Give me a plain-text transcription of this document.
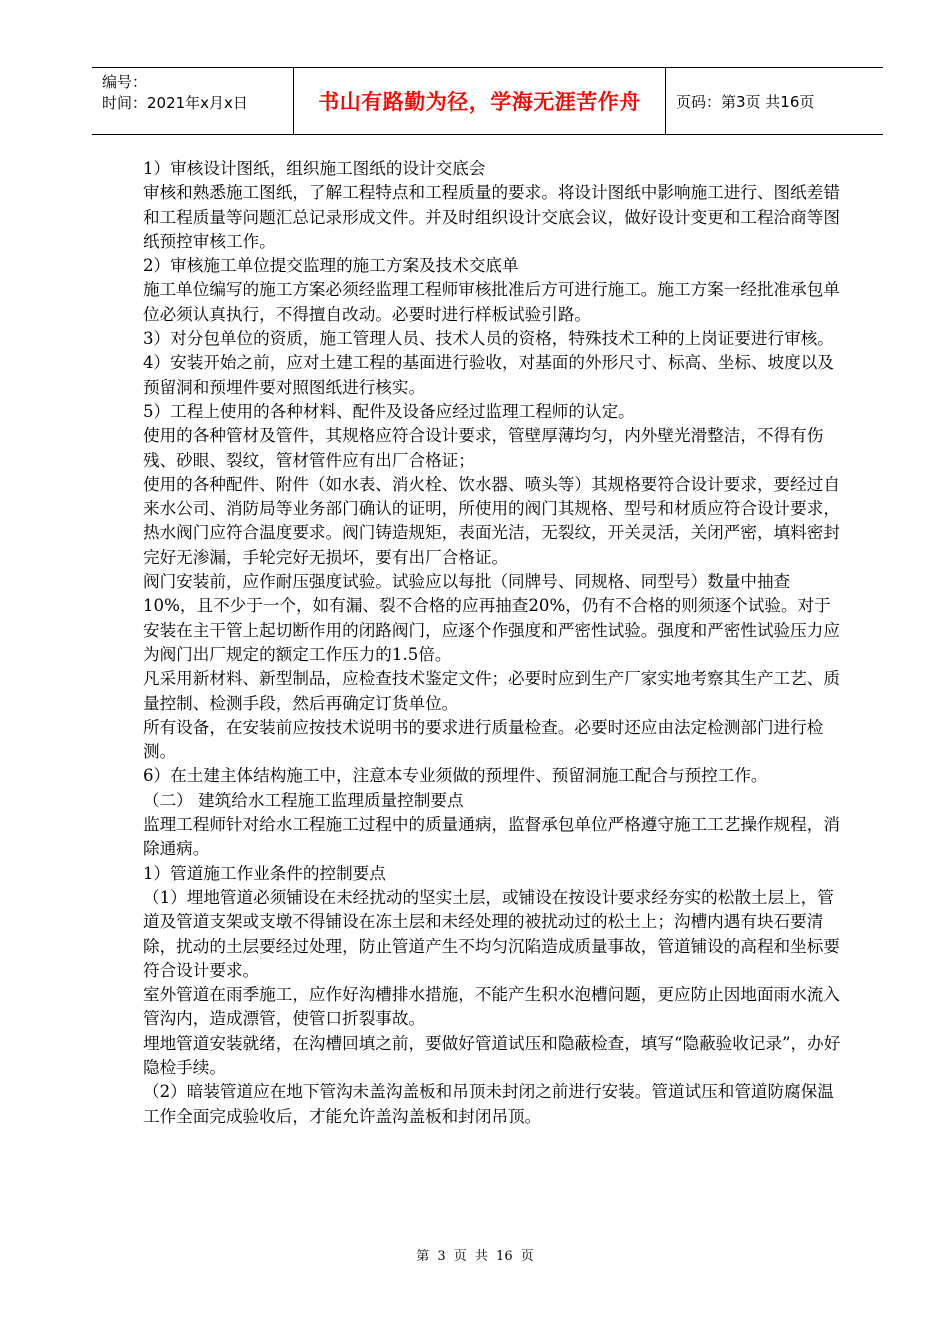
编号：
时间：2021年x月x日	书山有路勤为径，学海无涯苦作舟	页码：第3页 共16页

1）审核设计图纸，组织施工图纸的设计交底会

审核和熟悉施工图纸，了解工程特点和工程质量的要求。将设计图纸中影响施工进行、图纸差错和工程质量等问题汇总记录形成文件。并及时组织设计交底会议，做好设计变更和工程洽商等图纸预控审核工作。

2）审核施工单位提交监理的施工方案及技术交底单

施工单位编写的施工方案必须经监理工程师审核批准后方可进行施工。施工方案一经批准承包单位必须认真执行，不得擅自改动。必要时进行样板试验引路。

3）对分包单位的资质，施工管理人员、技术人员的资格，特殊技术工种的上岗证要进行审核。

4）安装开始之前，应对土建工程的基面进行验收，对基面的外形尺寸、标高、坐标、坡度以及预留洞和预埋件要对照图纸进行核实。

5）工程上使用的各种材料、配件及设备应经过监理工程师的认定。

使用的各种管材及管件，其规格应符合设计要求，管壁厚薄均匀，内外壁光滑整洁，不得有伤残、砂眼、裂纹，管材管件应有出厂合格证；

使用的各种配件、附件（如水表、消火栓、饮水器、喷头等）其规格要符合设计要求，要经过自来水公司、消防局等业务部门确认的证明，所使用的阀门其规格、型号和材质应符合设计要求，热水阀门应符合温度要求。阀门铸造规矩，表面光洁，无裂纹，开关灵活，关闭严密，填料密封完好无渗漏，手轮完好无损坏，要有出厂合格证。

阀门安装前，应作耐压强度试验。试验应以每批（同牌号、同规格、同型号）数量中抽查10%，且不少于一个，如有漏、裂不合格的应再抽查20%，仍有不合格的则须逐个试验。对于安装在主干管上起切断作用的闭路阀门，应逐个作强度和严密性试验。强度和严密性试验压力应为阀门出厂规定的额定工作压力的1.5倍。

凡采用新材料、新型制品，应检查技术鉴定文件；必要时应到生产厂家实地考察其生产工艺、质量控制、检测手段，然后再确定订货单位。

所有设备，在安装前应按技术说明书的要求进行质量检查。必要时还应由法定检测部门进行检测。

6）在土建主体结构施工中，注意本专业须做的预埋件、预留洞施工配合与预控工作。

（二） 建筑给水工程施工监理质量控制要点

监理工程师针对给水工程施工过程中的质量通病，监督承包单位严格遵守施工工艺操作规程，消除通病。

1）管道施工作业条件的控制要点

（1）埋地管道必须铺设在未经扰动的坚实土层，或铺设在按设计要求经夯实的松散土层上，管道及管道支架或支墩不得铺设在冻土层和未经处理的被扰动过的松土上；沟槽内遇有块石要清除，扰动的土层要经过处理，防止管道产生不均匀沉陷造成质量事故，管道铺设的高程和坐标要符合设计要求。

室外管道在雨季施工，应作好沟槽排水措施，不能产生积水泡槽问题，更应防止因地面雨水流入管沟内，造成漂管，使管口折裂事故。

埋地管道安装就绪，在沟槽回填之前，要做好管道试压和隐蔽检查，填写“隐蔽验收记录”，办好隐检手续。

（2）暗装管道应在地下管沟未盖沟盖板和吊顶未封闭之前进行安装。管道试压和管道防腐保温工作全面完成验收后，才能允许盖沟盖板和封闭吊顶。

第 3 页 共 16 页
